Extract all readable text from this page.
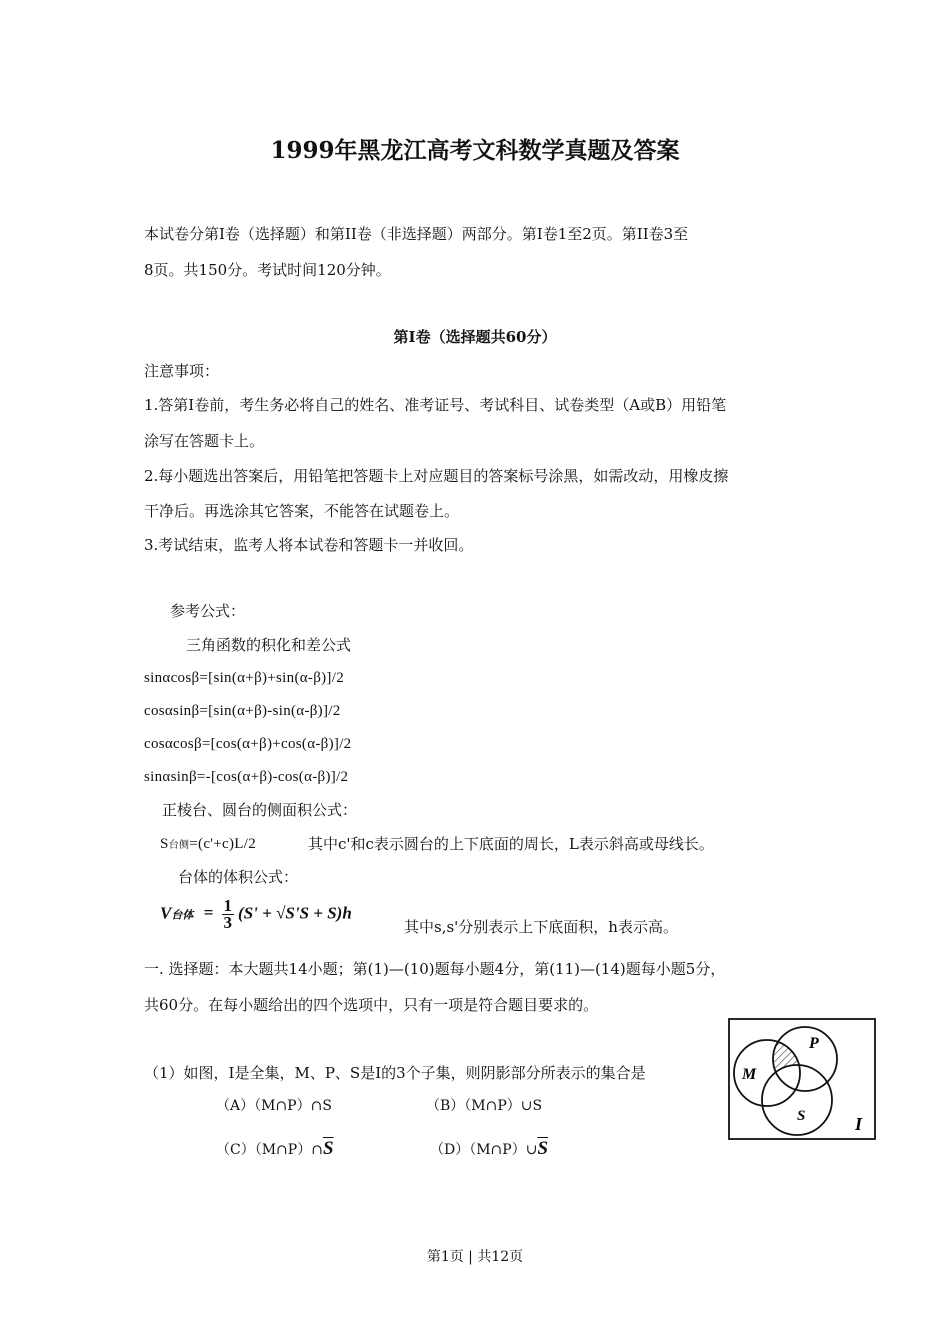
1999年黑龙江高考文科数学真题及答案
本试卷分第Ⅰ卷（选择题）和第II卷（非选择题）两部分。第Ⅰ卷1至2页。第II卷3至
8页。共150分。考试时间120分钟。
第Ⅰ卷（选择题共60分）
注意事项：
1.答第Ⅰ卷前，考生务必将自己的姓名、准考证号、考试科目、试卷类型（A或B）用铅笔
涂写在答题卡上。
2.每小题选出答案后，用铅笔把答题卡上对应题目的答案标号涂黑，如需改动，用橡皮擦
干净后。再选涂其它答案，不能答在试题卷上。
3.考试结束，监考人将本试卷和答题卡一并收回。
参考公式：
三角函数的积化和差公式
sinαcosβ=[sin(α+β)+sin(α-β)]/2
cosαsinβ=[sin(α+β)-sin(α-β)]/2
cosαcosβ=[cos(α+β)+cos(α-β)]/2
sinαsinβ=-[cos(α+β)-cos(α-β)]/2
正棱台、圆台的侧面积公式：
S台侧=(c'+c)L/2	其中c'和c表示圆台的上下底面的周长，L表示斜高或母线长。
台体的体积公式：
V台体 = $\frac{1}{3} (S' + √S'S + S)h$
其中s,s'分别表示上下底面积，h表示高。
一. 选择题：本大题共14小题；第(1)—(10)题每小题4分，第(11)—(14)题每小题5分，
共60分。在每小题给出的四个选项中，只有一项是符合题目要求的。
（1）如图，I是全集，M、P、S是I的3个子集，则阴影部分所表示的集合是
（A）（M∩P）∩S	（B）（M∩P）∪S
$(C)(M\cap P)\cap\overline{S}$	$(D)(M\cap P)\cup\overline{S}$
M
P
S	I
第1页 | 共12页
